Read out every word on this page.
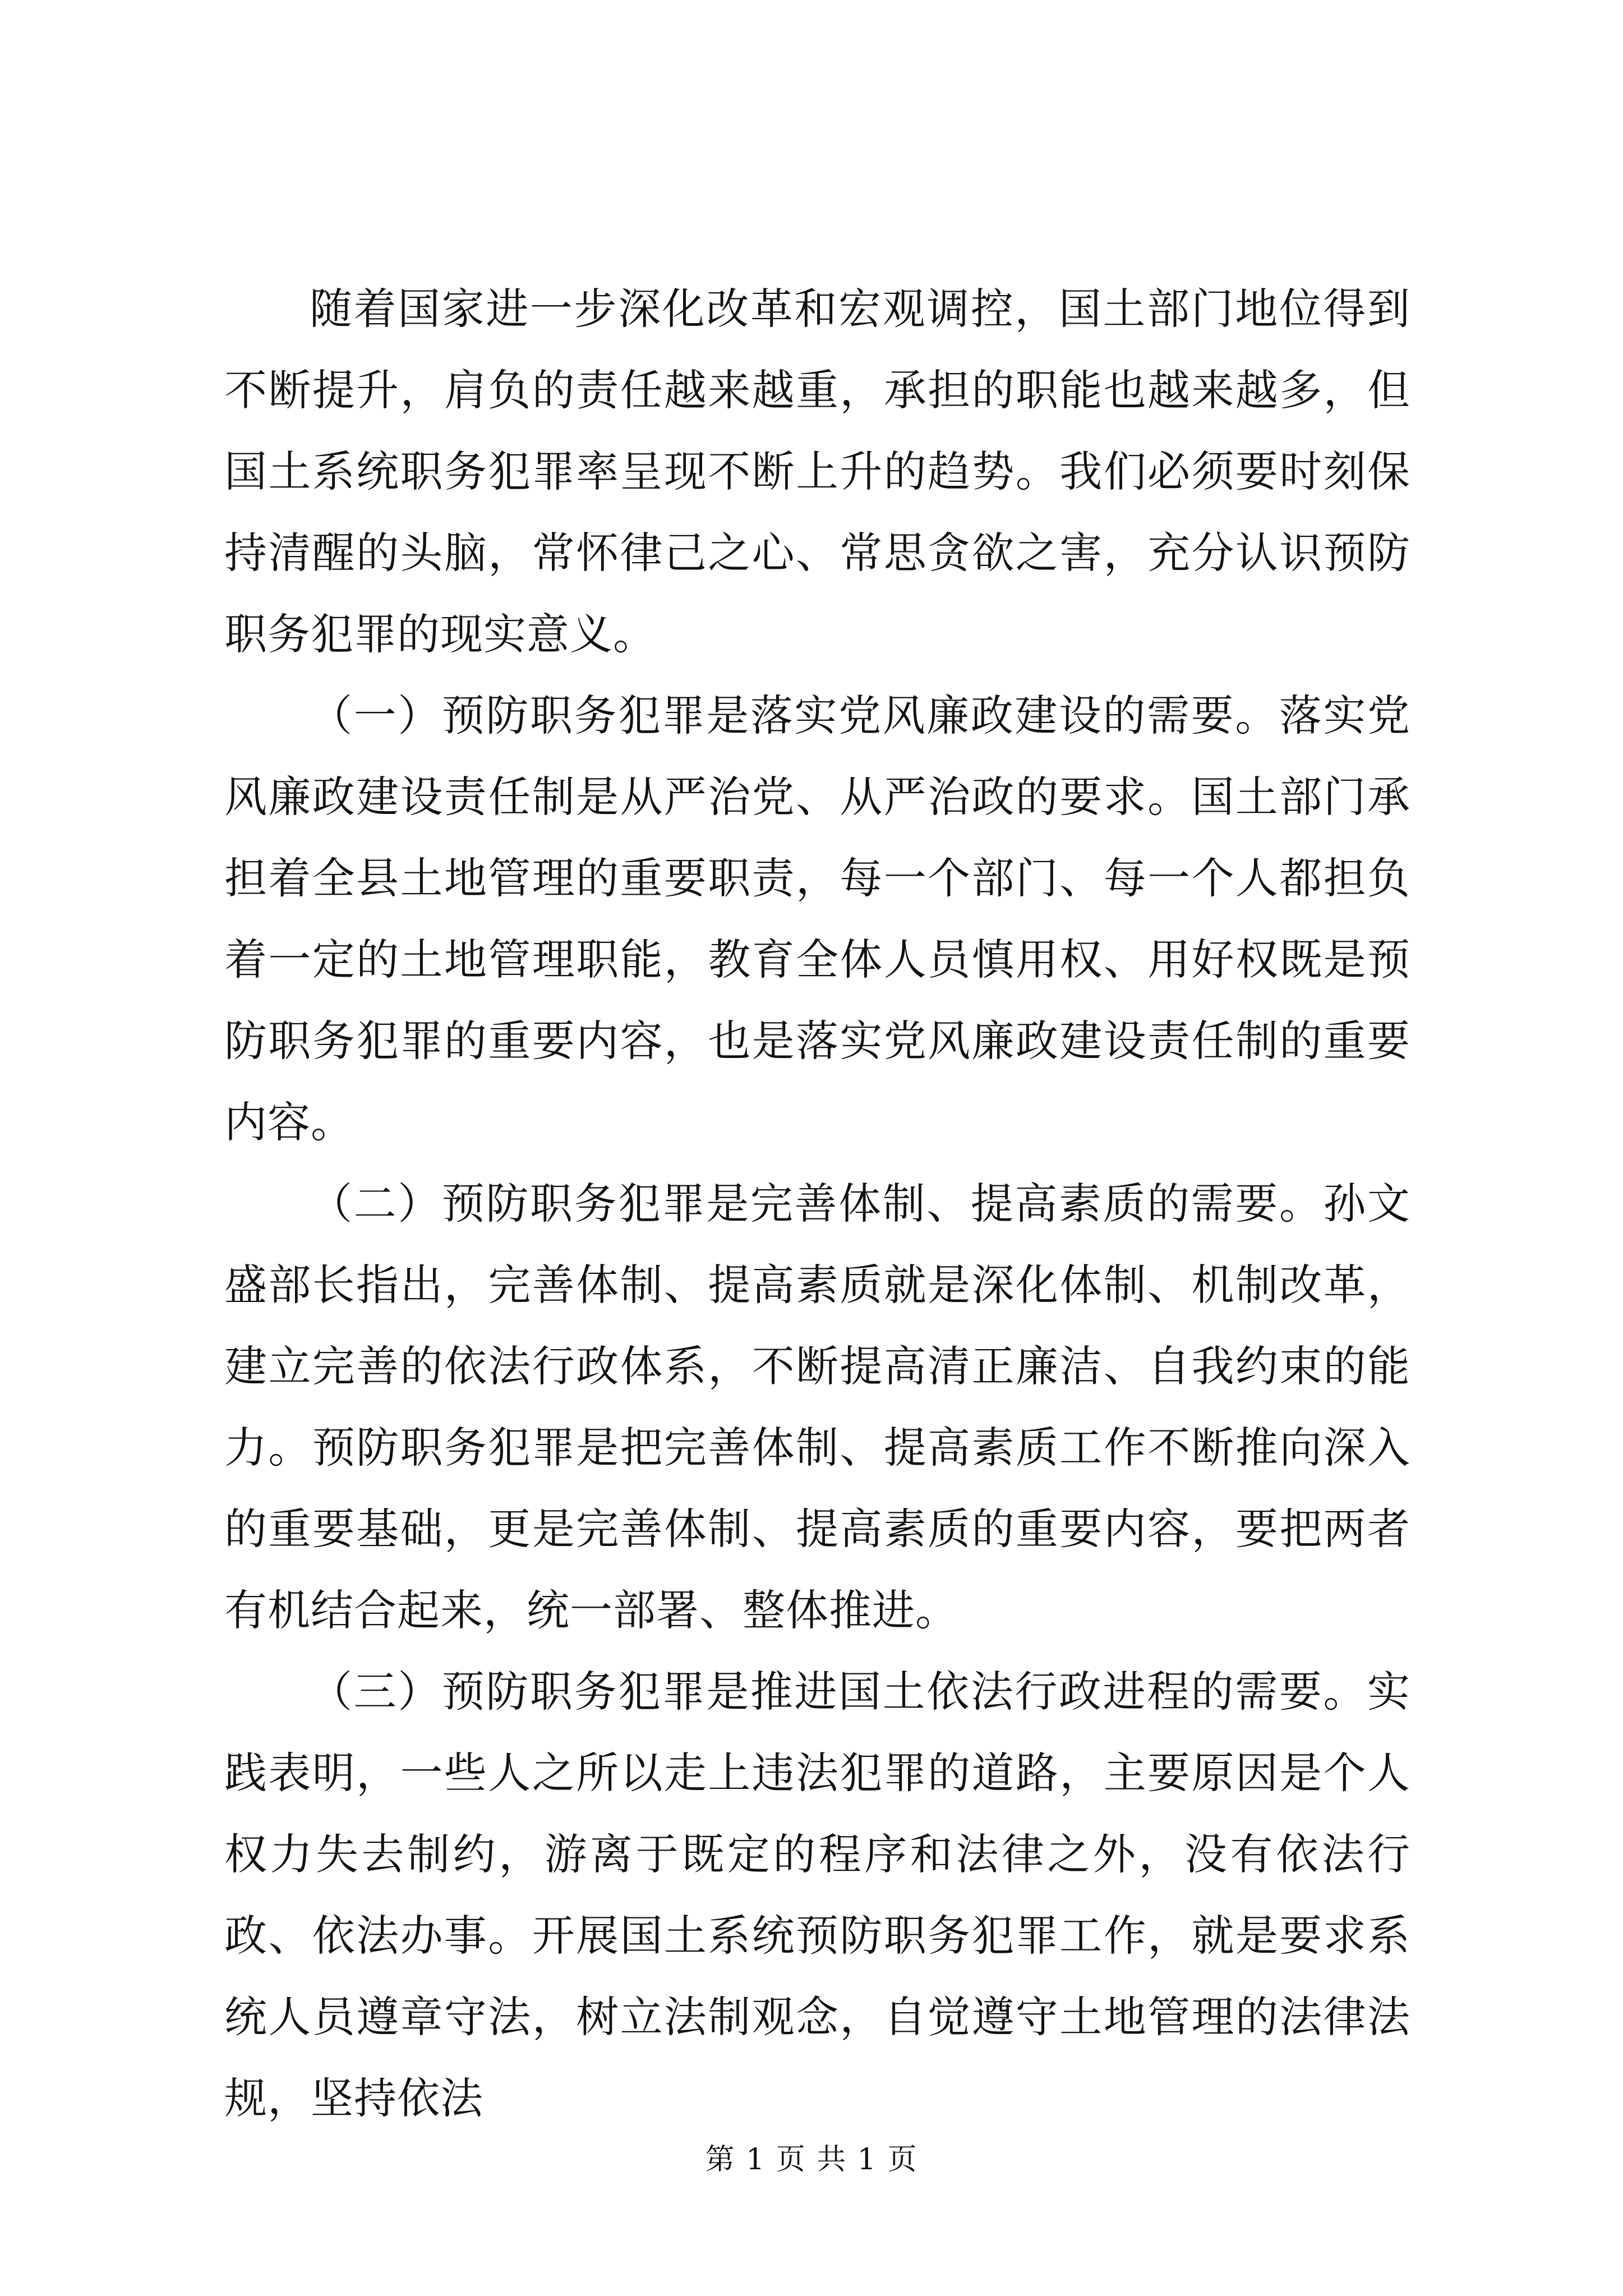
随着国家进一步深化改革和宏观调控，国土部门地位得到不断提升，肩负的责任越来越重，承担的职能也越来越多，但国土系统职务犯罪率呈现不断上升的趋势。我们必须要时刻保持清醒的头脑，常怀律己之心、常思贪欲之害，充分认识预防职务犯罪的现实意义。

（一）预防职务犯罪是落实党风廉政建设的需要。落实党风廉政建设责任制是从严治党、从严治政的要求。国土部门承担着全县土地管理的重要职责，每一个部门、每一个人都担负着一定的土地管理职能，教育全体人员慎用权、用好权既是预防职务犯罪的重要内容，也是落实党风廉政建设责任制的重要内容。

（二）预防职务犯罪是完善体制、提高素质的需要。孙文盛部长指出，完善体制、提高素质就是深化体制、机制改革，建立完善的依法行政体系，不断提高清正廉洁、自我约束的能力。预防职务犯罪是把完善体制、提高素质工作不断推向深入的重要基础，更是完善体制、提高素质的重要内容，要把两者有机结合起来，统一部署、整体推进。

（三）预防职务犯罪是推进国土依法行政进程的需要。实践表明，一些人之所以走上违法犯罪的道路，主要原因是个人权力失去制约，游离于既定的程序和法律之外，没有依法行政、依法办事。开展国土系统预防职务犯罪工作，就是要求系统人员遵章守法，树立法制观念，自觉遵守土地管理的法律法规，坚持依法

第 1 页 共 1 页
